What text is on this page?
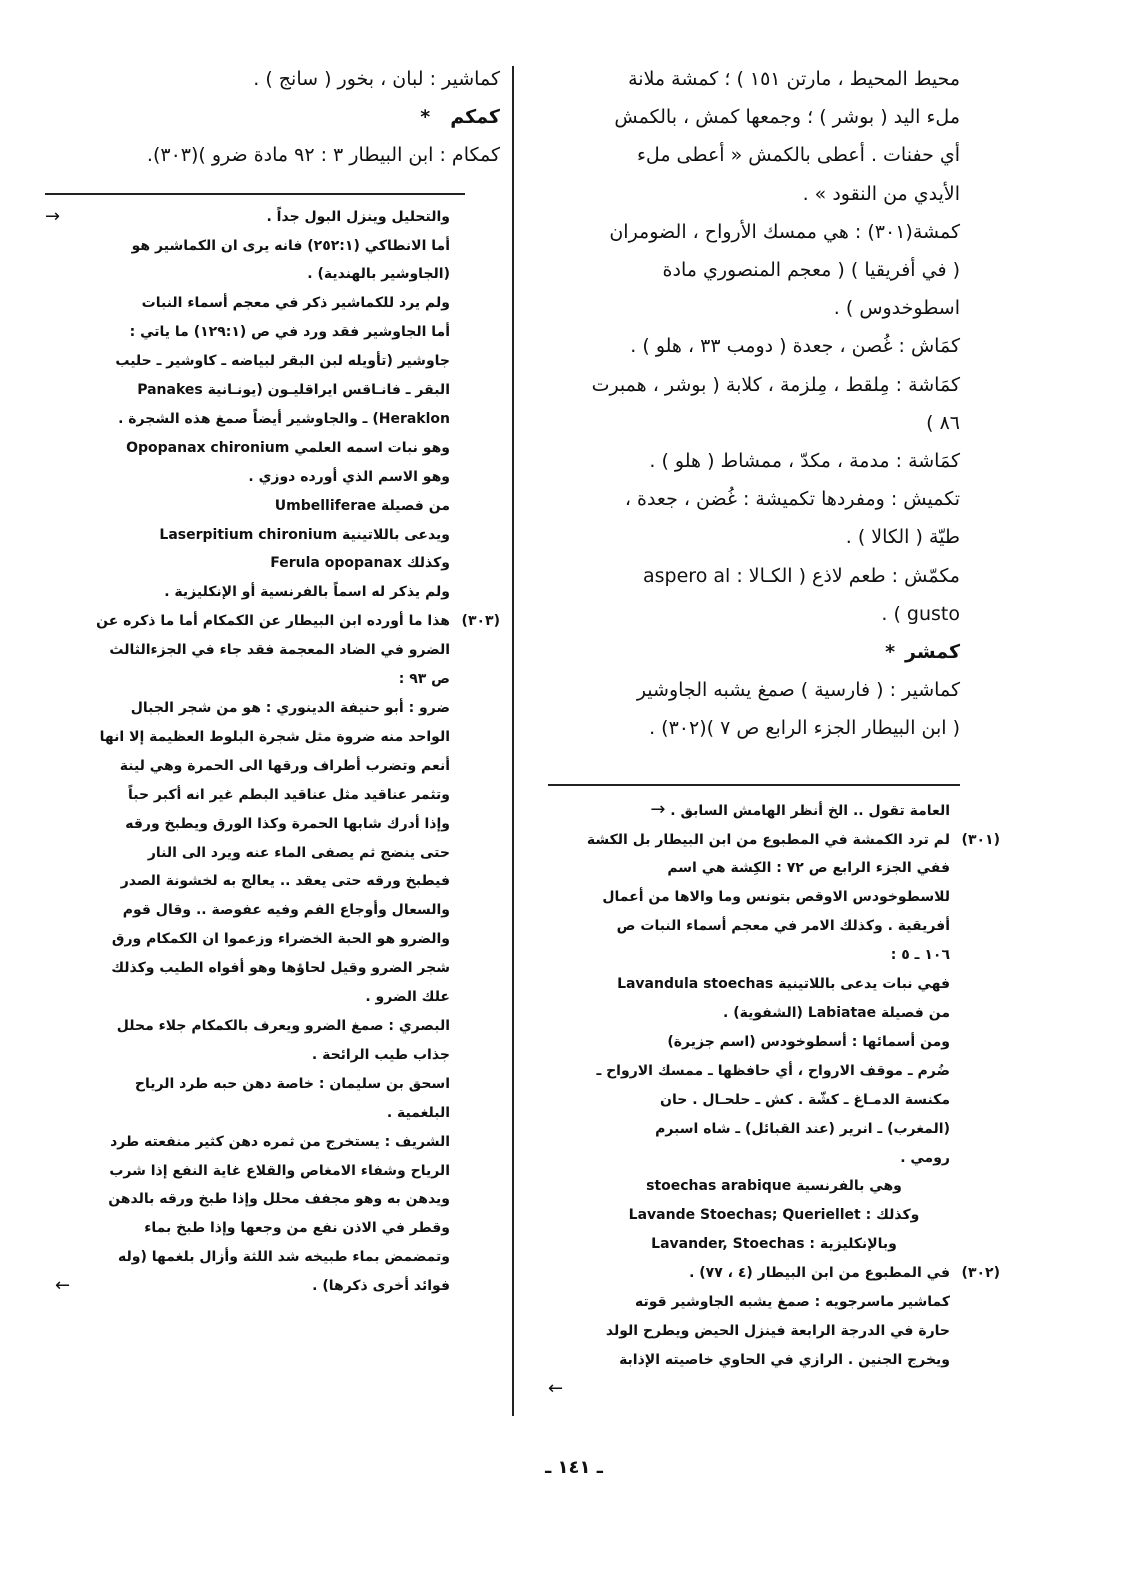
محيط المحيط ، مارتن ١٥١ ) ؛ كمشة ملانة
ملء اليد ( بوشر ) ؛ وجمعها كمش ، بالكمش
أي حفنات . أعطى بالكمش « أعطى ملء
الأيدي من النقود » .
كمشة(٣٠١) : هي ممسك الأرواح ، الضومران
( في أفريقيا ) ( معجم المنصوري مادة
اسطوخدوس ) .
كمَاش : غُصن ، جعدة ( دومب ٣٣ ، هلو ) .
كمَاشة : مِلقط ، مِلزمة ، كلابة ( بوشر ، همبرت
٨٦ )
كمَاشة : مدمة ، مكدّ ، ممشاط ( هلو ) .
تكميش : ومفردها تكميشة : غُضن ، جعدة ،
طيّة ( الكالا ) .
مكمّش : طعم لاذع ( الكـالا : aspero al
gusto ) .
كمشر*
كماشير : ( فارسية ) صمغ يشبه الجاوشير
( ابن البيطار الجزء الرابع ص ٧ )(٣٠٢) .
العامة تقول .. الخ أنظر الهامش السابق . →
(٣٠١)لم ترد الكمشة في المطبوع من ابن البيطار بل الكشة
ففي الجزء الرابع ص ٧٢ : الكِشة هي اسم
للاسطوخودس الاوقص بتونس وما والاها من أعمال
أفريقية . وكذلك الامر في معجم أسماء النبات ص
١٠٦ ـ ٥ :
فهي نبات يدعى باللاتينية Lavandula stoechas
من فصيلة Labiatae (الشفوية) .
ومن أسمائها : أسطوخودس (اسم جزيرة)
ضُرم ـ موقف الارواح ، أي حافظها ـ ممسك الارواح ـ
مكنسة الدمـاغ ـ كشّة . كش ـ حلحـال . حان
(المغرب) ـ انرير (عند القبائل) ـ شاه اسبرم
رومي .
وهي بالفرنسية stoechas arabique
وكذلك : Lavande Stoechas; Queriellet
وبالإنكليزية : Lavander, Stoechas
(٣٠٢)في المطبوع من ابن البيطار (٤ ، ٧٧) .
كماشير ماسرجويه : صمغ يشبه الجاوشير قوته
حارة في الدرجة الرابعة فينزل الحيض ويطرح الولد
ويخرج الجنين . الرازي في الحاوي خاصيته الإذابة
←
كماشير : لبان ، بخور ( سانج ) .
كمكم*
كمكام : ابن البيطار ٣ : ٩٢ مادة ضرو )(٣٠٣).
والتحليل وينزل البول جداً .
→
أما الانطاكي (٢٥٢:١) فانه يرى ان الكماشير هو
(الجاوشير بالهندية) .
ولم يرد للكماشير ذكر في معجم أسماء النبات
أما الجاوشير فقد ورد في ص (١٢٩:١) ما ياتي :
جاوشير (تأويله لبن البقر لبياضه ـ كاوشير ـ حليب
البقر ـ فانـاقس ايراقليـون (يونـانية Panakes
Heraklon) ـ والجاوشير أيضاً صمغ هذه الشجرة .
وهو نبات اسمه العلمي Opopanax chironium
وهو الاسم الذي أورده دوزي .
من فصيلة Umbelliferae
ويدعى باللاتينية Laserpitium chironium
وكذلك Ferula opopanax
ولم يذكر له اسماً بالفرنسية أو الإنكليزية .
(٣٠٣)هذا ما أورده ابن البيطار عن الكمكام أما ما ذكره عن
الضرو في الضاد المعجمة فقد جاء في الجزءالثالث
ص ٩٣ :
ضرو : أبو حنيفة الدينوري : هو من شجر الجبال
الواحد منه ضروة مثل شجرة البلوط العظيمة إلا انها
أنعم وتضرب أطراف ورقها الى الحمرة وهي لينة
وتثمر عناقيد مثل عناقيد البطم غير انه أكبر حباً
وإذا أدرك شابها الحمرة وكذا الورق ويطبخ ورقه
حتى ينضج ثم يصفى الماء عنه ويرد الى النار
فيطبخ ورقه حتى يعقد .. يعالج به لخشونة الصدر
والسعال وأوجاع الفم وفيه عفوصة .. وقال قوم
والضرو هو الحبة الخضراء وزعموا ان الكمكام ورق
شجر الضرو وقيل لحاؤها وهو أفواه الطيب وكذلك
علك الضرو .
البصري : صمغ الضرو ويعرف بالكمكام جلاء محلل
جذاب طيب الرائحة .
اسحق بن سليمان : خاصة دهن حبه طرد الرياح
البلغمية .
الشريف : يستخرج من ثمره دهن كثير منفعته طرد
الرياح وشفاء الامغاص والقلاع غاية النفع إذا شرب
ويدهن به وهو مجفف محلل وإذا طبخ ورقه بالدهن
وقطر في الاذن نفع من وجعها وإذا طبخ بماء
وتمضمض بماء طبيخه شد اللثة وأزال بلغمها (وله
فوائد أخرى ذكرها) .
←
ـ ١٤١ ـ
